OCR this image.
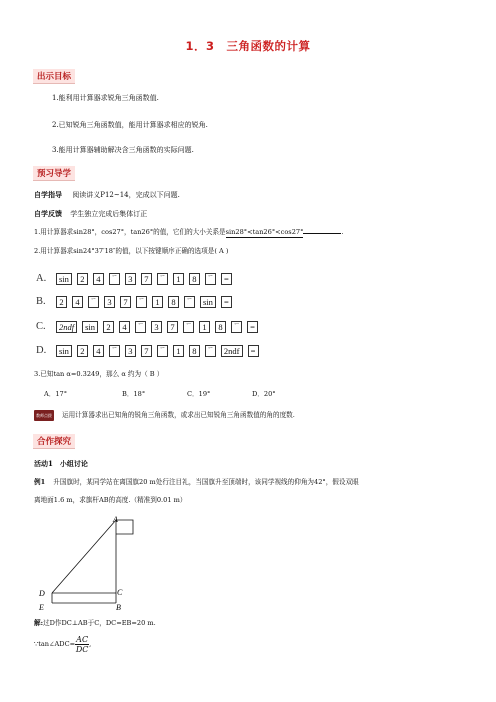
1．3　三角函数的计算
出示目标
1.能利用计算器求锐角三角函数值.
2.已知锐角三角函数值，能用计算器求相应的锐角.
3.能用计算器辅助解决含三角函数的实际问题.
预习导学
自学指导 阅读讲义P12~14，完成以下问题.
自学反馈 学生独立完成后集体订正
1.用计算器求sin28°，cos27°，tan26°的值，它们的大小关系是sin28°<tan26°<cos27°	.
2.用计算器求sin24°37′18″的值，以下按键顺序正确的选项是( A )
A.	sin	2	4	°′″	3	7	°′″	1	8	°′″	=
B.	2	4	°′″	3	7	°′″	1	8	°′″	sin	=
C.	2ndf	sin	2	4	°′″	3	7	°′″	1	8	°′″	=
D.	sin	2	4	°′″	3	7	°′″	1	8	°′″	2ndf	=
3.已知tan α=0.3249，那么 α 约为（ B ）
A．17°	B．18°	C．19°	D．20°
教师点拨	运用计算器求出已知角的锐角三角函数，或求出已知锐角三角函数值的角的度数.
合作探究
活动1　小组讨论
例1 升国旗时，某同学站在离国旗20 m处行注目礼，当国旗升至顶端时，该同学视线的仰角为42°，假设双眼
离地面1.6 m，求旗杆AB的高度.（精准到0.01 m）
A
C
D
E	B
解:过D作DC⊥AB于C，DC=EB=20 m.
∵tan∠ADC= $\frac{AC}{DC}$ ,
